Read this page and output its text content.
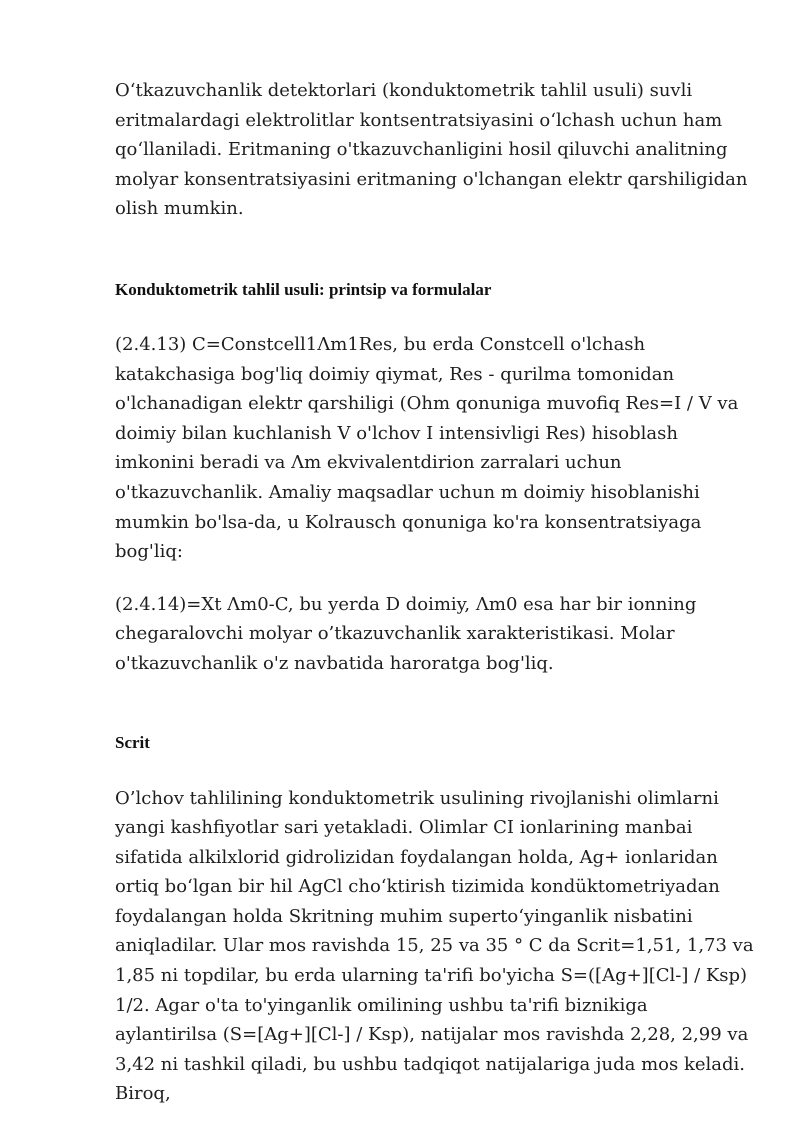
O‘tkazuvchanlik detektorlari (konduktometrik tahlil usuli) suvli eritmalardagi elektrolitlar kontsentratsiyasini o‘lchash uchun ham qo‘llaniladi. Eritmaning o'tkazuvchanligini hosil qiluvchi analitning molyar konsentratsiyasini eritmaning o'lchangan elektr qarshiligidan olish mumkin.

Konduktometrik tahlil usuli: printsip va formulalar

(2.4.13) C=Constcell1Λm1Res, bu erda Constcell o'lchash katakchasiga bog'liq doimiy qiymat, Res - qurilma tomonidan o'lchanadigan elektr qarshiligi (Ohm qonuniga muvofiq Res=I / V va doimiy bilan kuchlanish V o'lchov I intensivligi Res) hisoblash imkonini beradi va Λm ekvivalentdirion zarralari uchun o'tkazuvchanlik. Amaliy maqsadlar uchun m doimiy hisoblanishi mumkin bo'lsa-da, u Kolrausch qonuniga ko'ra konsentratsiyaga bog'liq:

(2.4.14)=Xt Λm0-C, bu yerda D doimiy, Λm0 esa har bir ionning chegaralovchi molyar o’tkazuvchanlik xarakteristikasi. Molar o'tkazuvchanlik o'z navbatida haroratga bog'liq.

Scrit

O’lchov tahlilining konduktometrik usulining rivojlanishi olimlarni yangi kashfiyotlar sari yetakladi. Olimlar CI ionlarining manbai sifatida alkilxlorid gidrolizidan foydalangan holda, Ag+ ionlaridan ortiq bo‘lgan bir hil AgCl cho‘ktirish tizimida kondüktometriyadan foydalangan holda Skritning muhim superto‘yinganlik nisbatini aniqladilar. Ular mos ravishda 15, 25 va 35 ° C da Scrit=1,51, 1,73 va 1,85 ni topdilar, bu erda ularning ta'rifi bo'yicha S=([Ag+][Cl-] / Ksp) 1/2. Agar o'ta to'yinganlik omilining ushbu ta'rifi biznikiga aylantirilsa (S=[Ag+][Cl-] / Ksp), natijalar mos ravishda 2,28, 2,99 va 3,42 ni tashkil qiladi, bu ushbu tadqiqot natijalariga juda mos keladi. Biroq,
